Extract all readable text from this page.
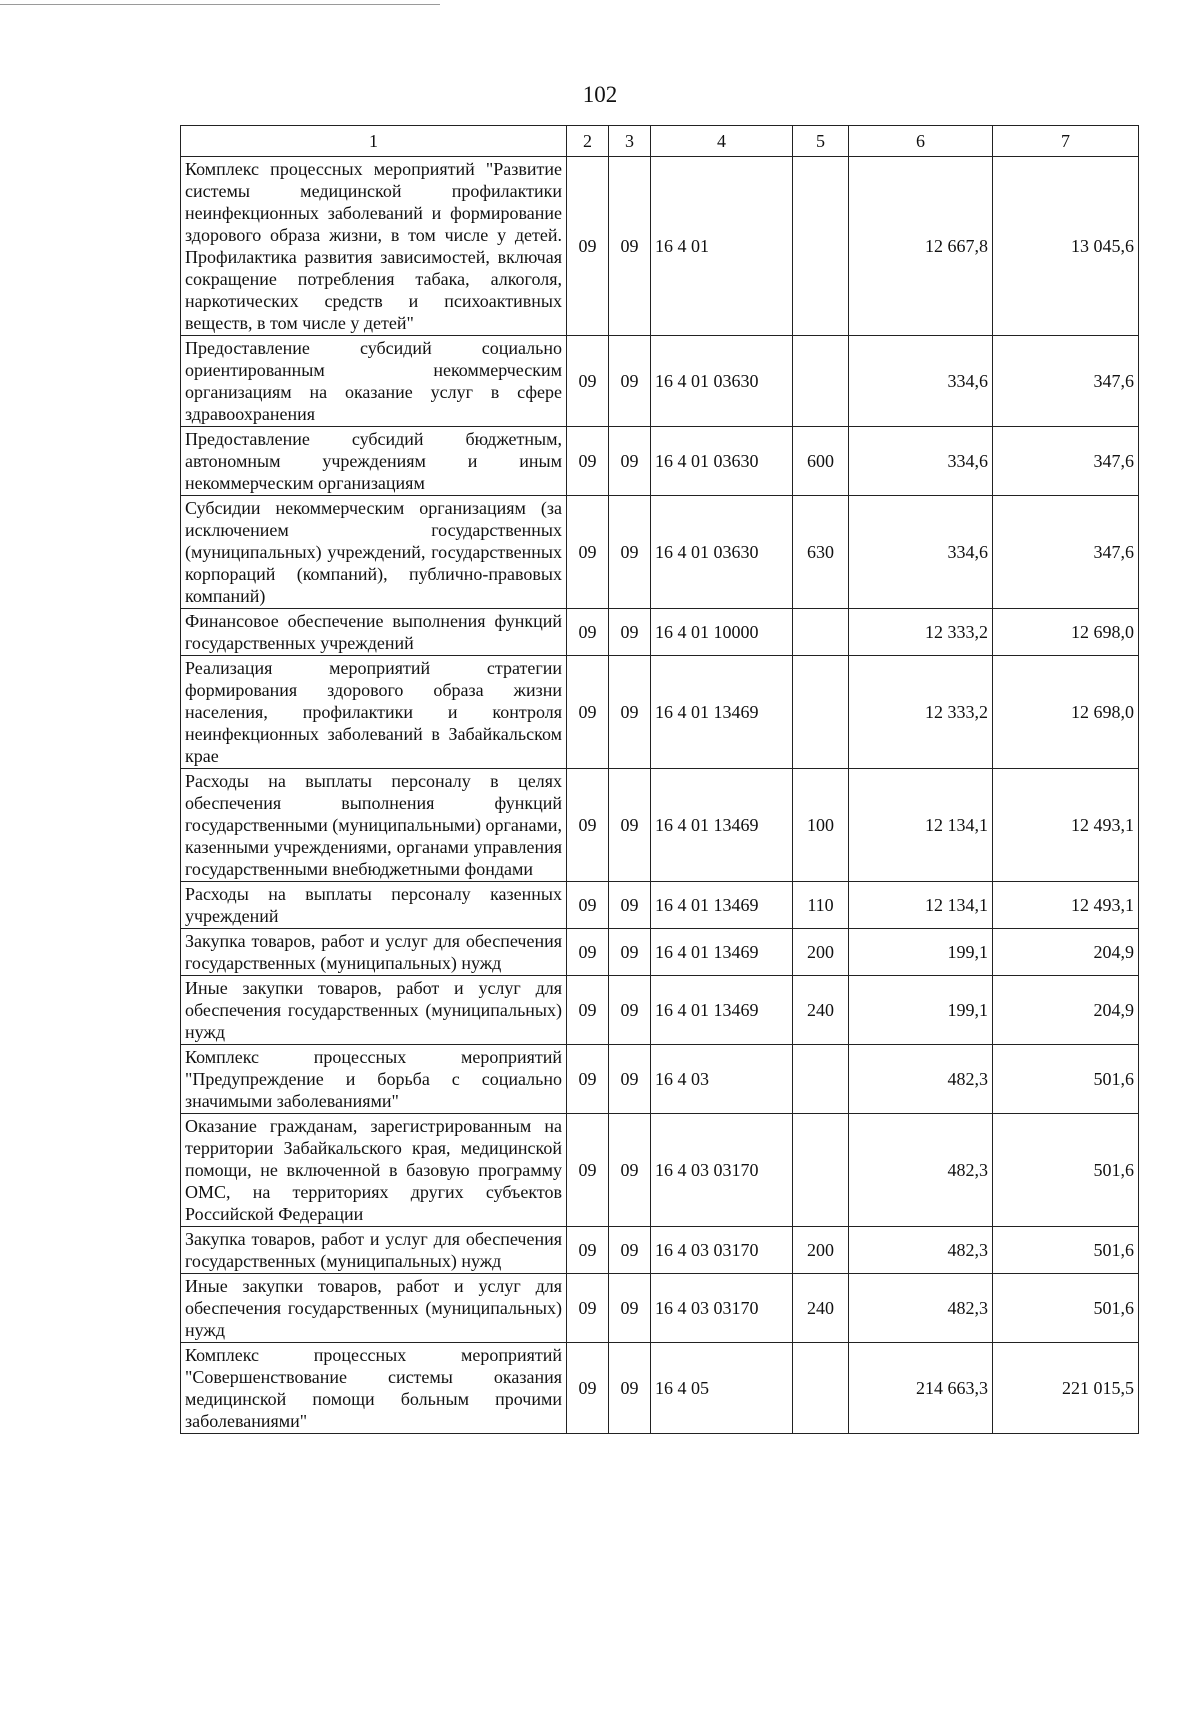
102
1	2	3	4	5	6	7
Комплекс процессных мероприятий "Развитие системы медицинской профилактики неинфекционных заболеваний и формирование здорового образа жизни, в том числе у детей. Профилактика развития зависимостей, включая сокращение потребления табака, алкоголя, наркотических средств и психоактивных веществ, в том числе у детей"	09	09	16 4 01		12 667,8	13 045,6
Предоставление субсидий социально ориентированным некоммерческим организациям на оказание услуг в сфере здравоохранения	09	09	16 4 01 03630		334,6	347,6
Предоставление субсидий бюджетным, автономным учреждениям и иным некоммерческим организациям	09	09	16 4 01 03630	600	334,6	347,6
Субсидии некоммерческим организациям (за исключением государственных (муниципальных) учреждений, государственных корпораций (компаний), публично-правовых компаний)	09	09	16 4 01 03630	630	334,6	347,6
Финансовое обеспечение выполнения функций государственных учреждений	09	09	16 4 01 10000		12 333,2	12 698,0
Реализация мероприятий стратегии формирования здорового образа жизни населения, профилактики и контроля неинфекционных заболеваний в Забайкальском крае	09	09	16 4 01 13469		12 333,2	12 698,0
Расходы на выплаты персоналу в целях обеспечения выполнения функций государственными (муниципальными) органами, казенными учреждениями, органами управления государственными внебюджетными фондами	09	09	16 4 01 13469	100	12 134,1	12 493,1
Расходы на выплаты персоналу казенных учреждений	09	09	16 4 01 13469	110	12 134,1	12 493,1
Закупка товаров, работ и услуг для обеспечения государственных (муниципальных) нужд	09	09	16 4 01 13469	200	199,1	204,9
Иные закупки товаров, работ и услуг для обеспечения государственных (муниципальных) нужд	09	09	16 4 01 13469	240	199,1	204,9
Комплекс процессных мероприятий "Предупреждение и борьба с социально значимыми заболеваниями"	09	09	16 4 03		482,3	501,6
Оказание гражданам, зарегистрированным на территории Забайкальского края, медицинской помощи, не включенной в базовую программу ОМС, на территориях других субъектов Российской Федерации	09	09	16 4 03 03170		482,3	501,6
Закупка товаров, работ и услуг для обеспечения государственных (муниципальных) нужд	09	09	16 4 03 03170	200	482,3	501,6
Иные закупки товаров, работ и услуг для обеспечения государственных (муниципальных) нужд	09	09	16 4 03 03170	240	482,3	501,6
Комплекс процессных мероприятий "Совершенствование системы оказания медицинской помощи больным прочими заболеваниями"	09	09	16 4 05		214 663,3	221 015,5
